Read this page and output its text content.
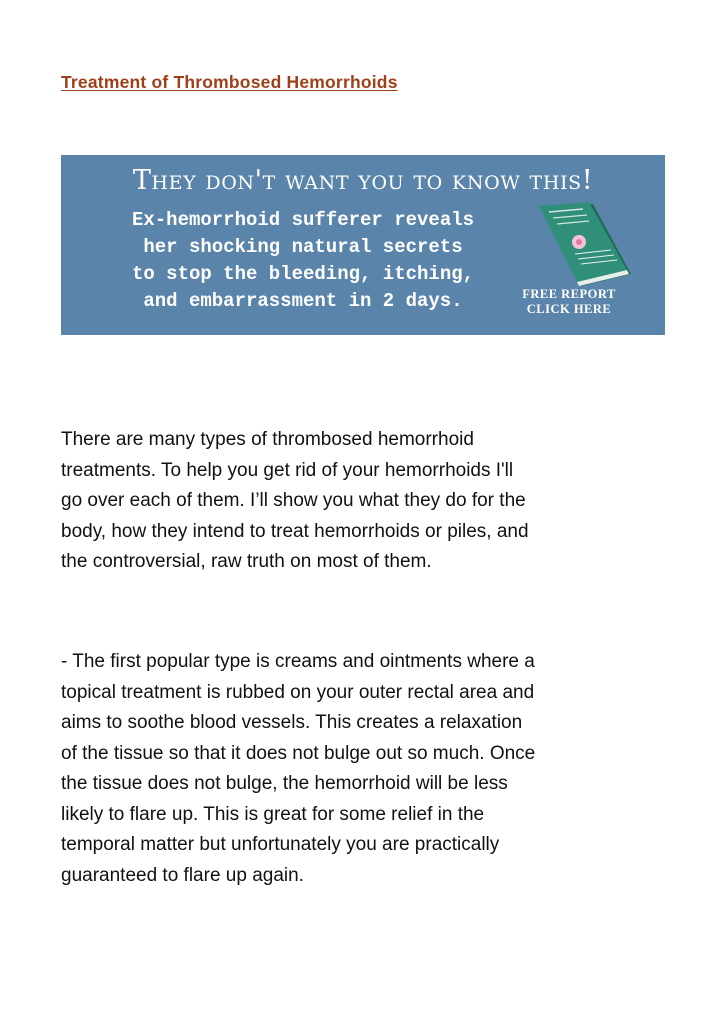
Treatment of Thrombosed Hemorrhoids
They don't want you to know this!
Ex-hemorrhoid sufferer reveals
her shocking natural secrets
to stop the bleeding, itching,
and embarrassment in 2 days.	FREE REPORT
CLICK HERE
There are many types of thrombosed hemorrhoid
treatments. To help you get rid of your hemorrhoids I'll
go over each of them. I’ll show you what they do for the
body, how they intend to treat hemorrhoids or piles, and
the controversial, raw truth on most of them.
- The first popular type is creams and ointments where a
topical treatment is rubbed on your outer rectal area and
aims to soothe blood vessels. This creates a relaxation
of the tissue so that it does not bulge out so much. Once
the tissue does not bulge, the hemorrhoid will be less
likely to flare up. This is great for some relief in the
temporal matter but unfortunately you are practically
guaranteed to flare up again.
